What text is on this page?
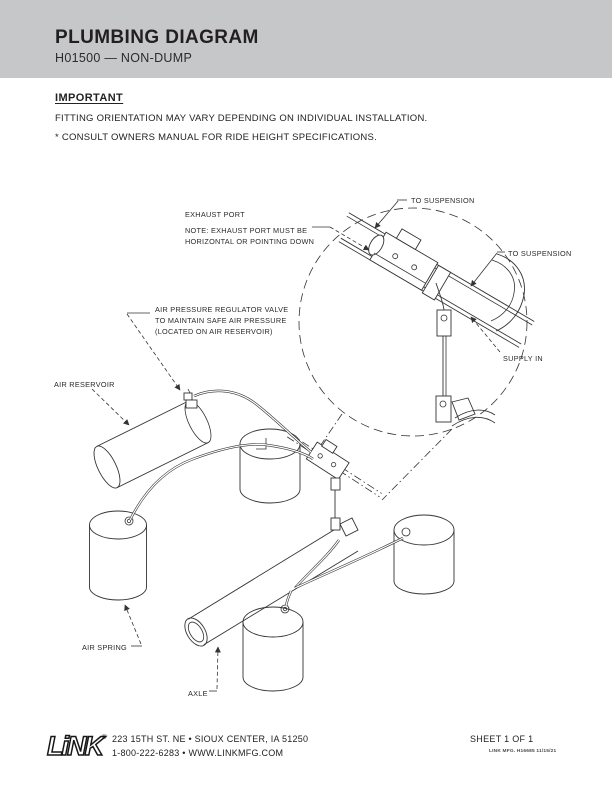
PLUMBING DIAGRAM
H01500 — NON-DUMP

IMPORTANT

FITTING ORIENTATION MAY VARY DEPENDING ON INDIVIDUAL INSTALLATION.

* CONSULT OWNERS MANUAL FOR RIDE HEIGHT SPECIFICATIONS.

EXHAUST PORT
NOTE: EXHAUST PORT MUST BE
HORIZONTAL OR POINTING DOWN
TO SUSPENSION
TO SUSPENSION
SUPPLY IN
AIR PRESSURE REGULATOR VALVE
TO MAINTAIN SAFE AIR PRESSURE
(LOCATED ON AIR RESERVOIR)
AIR RESERVOIR
AIR SPRING
AXLE
LiNK ® 223 15TH ST. NE • SIOUX CENTER, IA 51250
1-800-222-6283 • WWW.LINKMFG.COM
SHEET 1 OF 1
LINK MFG. H16685 11/15/21
